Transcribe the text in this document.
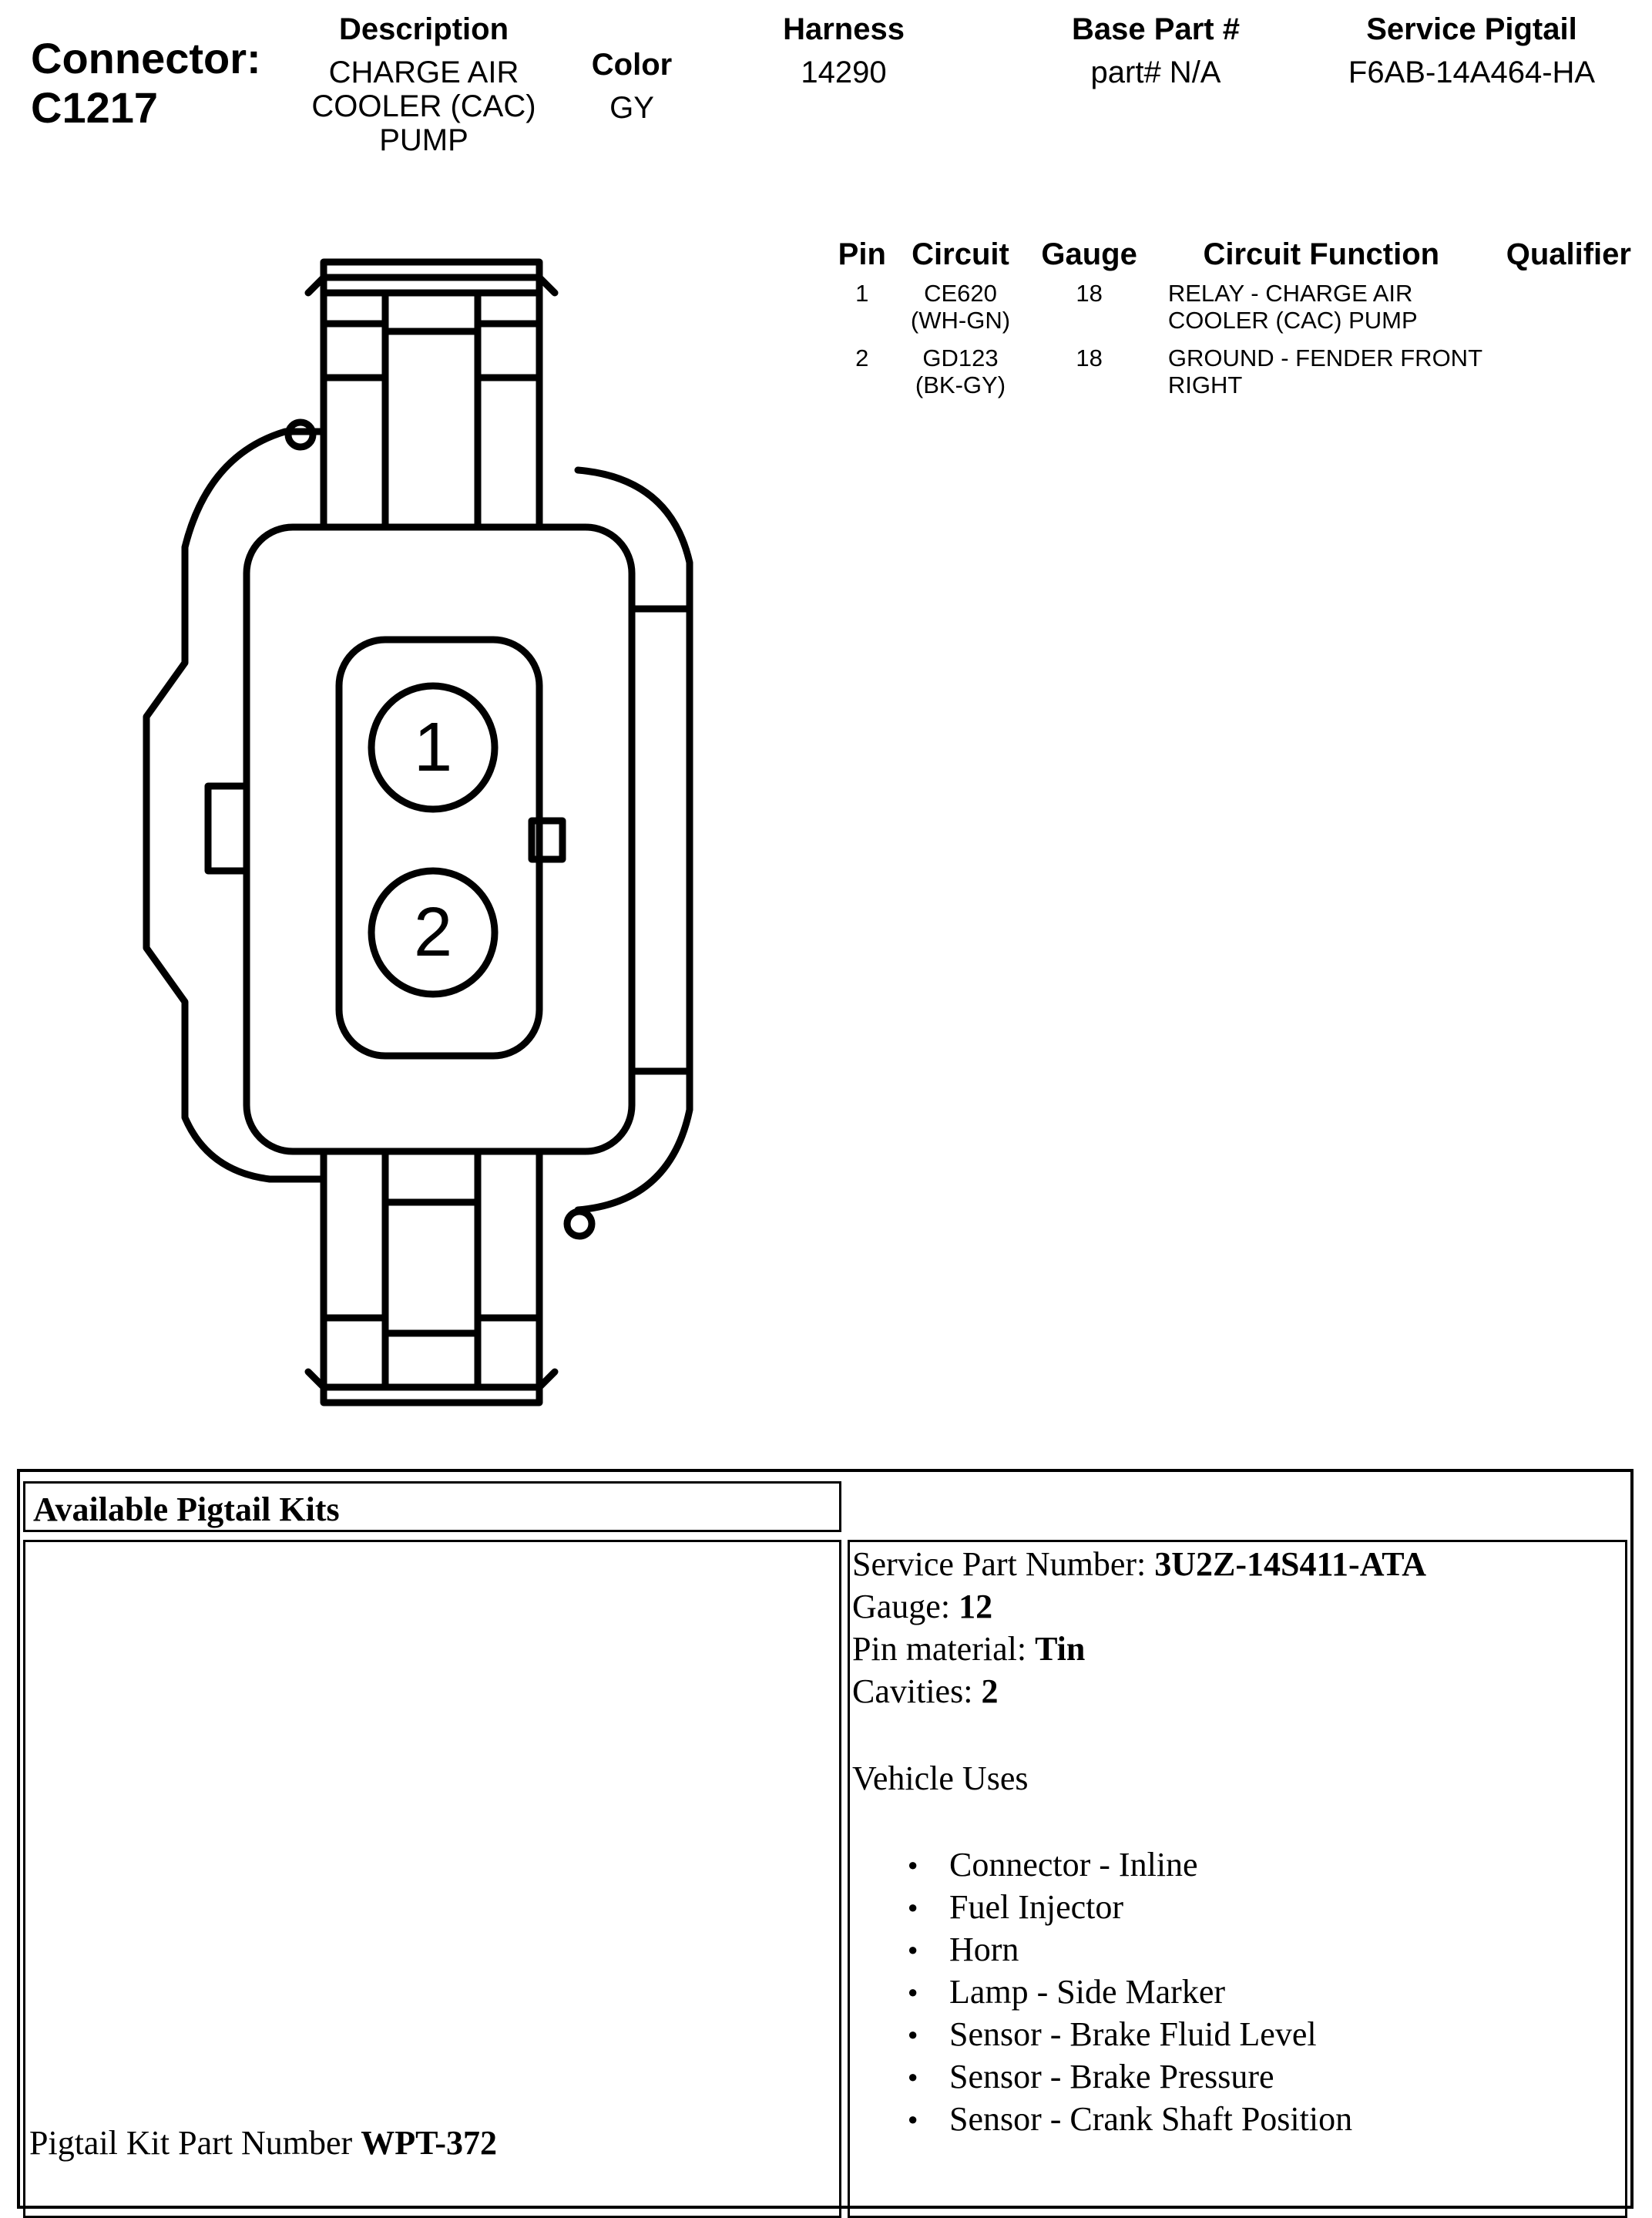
Connector:
C1217
Description
CHARGE AIR
COOLER (CAC)
PUMP
Color
GY
Harness
14290
Base Part #
part# N/A
Service Pigtail
F6AB-14A464-HA
Pin	Circuit	Gauge	Circuit Function	Qualifier
1	CE620 (WH-GN)	18	RELAY - CHARGE AIR COOLER (CAC) PUMP	
2	GD123 (BK-GY)	18	GROUND - FENDER FRONT RIGHT	
1
2
Available Pigtail Kits
Pigtail Kit Part Number WPT-372
Service Part Number: 3U2Z-14S411-ATA
Gauge: 12
Pin material: Tin
Cavities: 2
Vehicle Uses
● Connector - Inline
● Fuel Injector
● Horn
● Lamp - Side Marker
● Sensor - Brake Fluid Level
● Sensor - Brake Pressure
● Sensor - Crank Shaft Position
